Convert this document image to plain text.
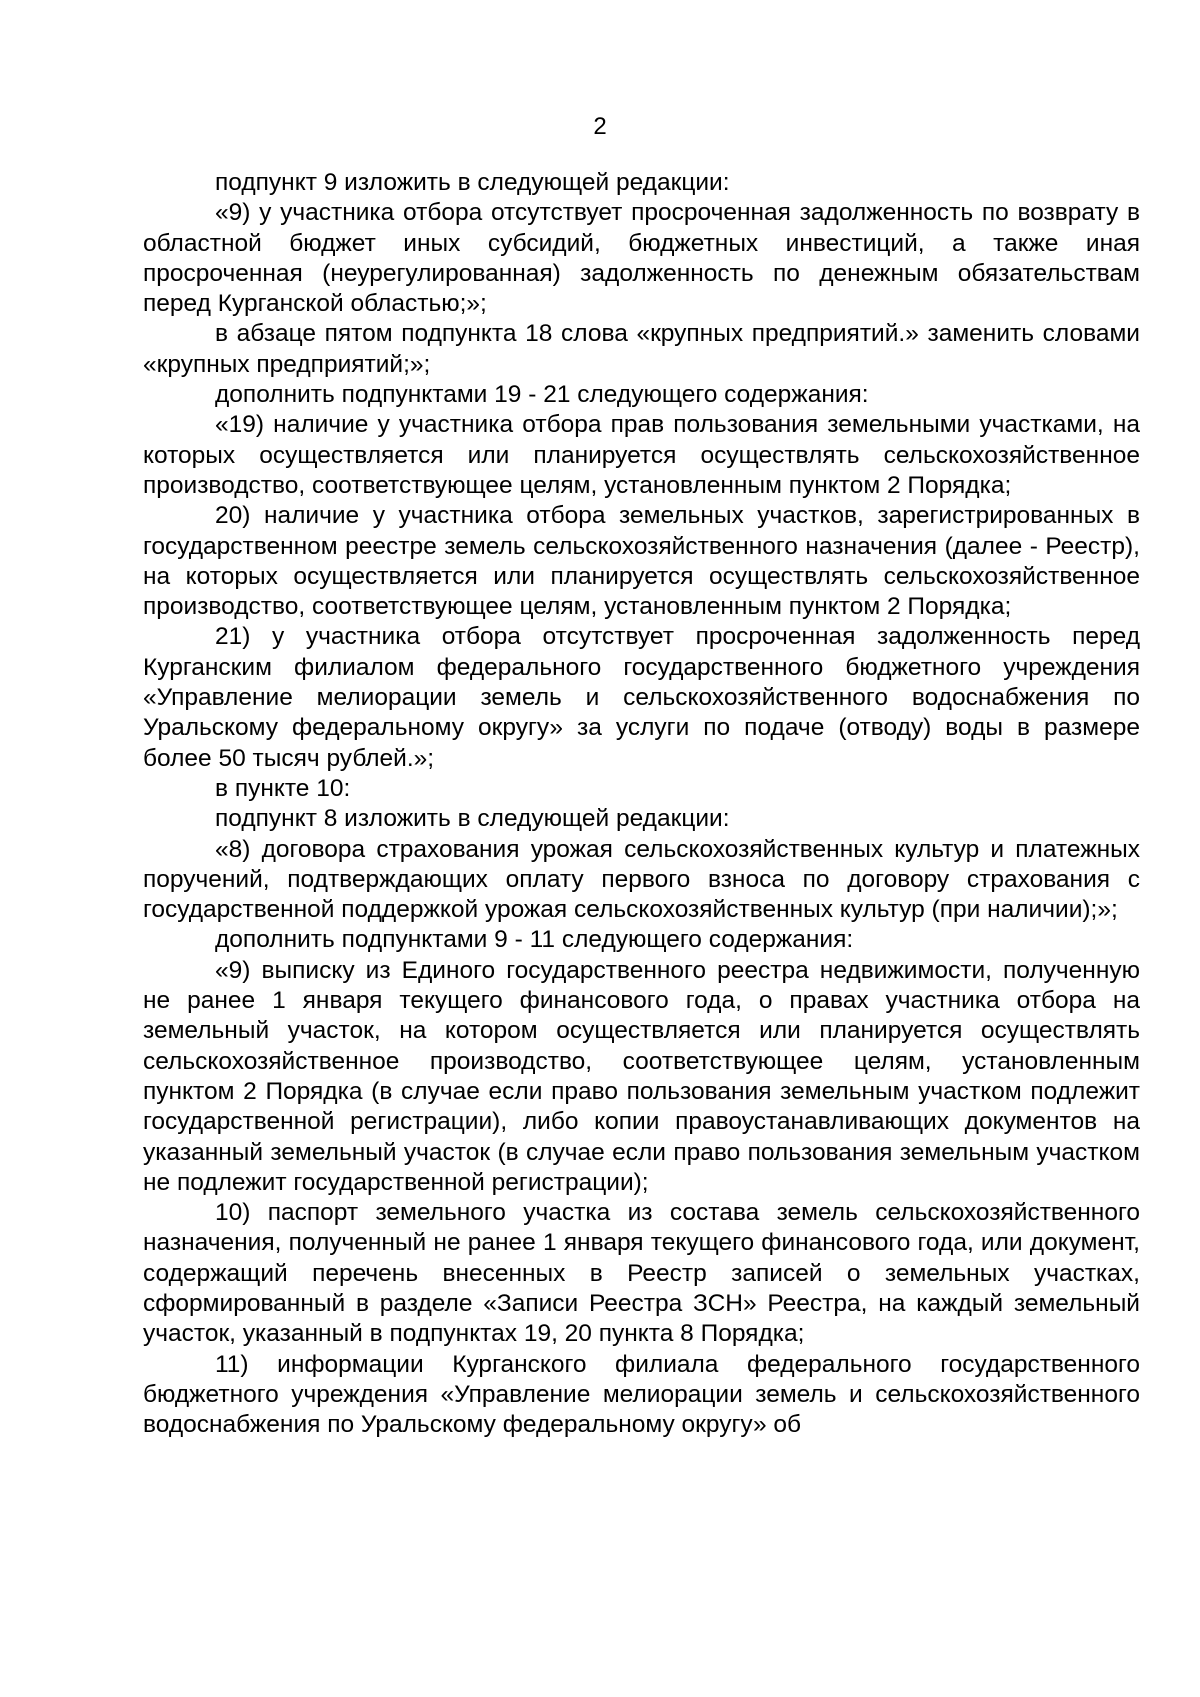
2

подпункт 9 изложить в следующей редакции:

«9) у участника отбора отсутствует просроченная задолженность по возврату в областной бюджет иных субсидий, бюджетных инвестиций, а также иная просроченная (неурегулированная) задолженность по денежным обязательствам перед Курганской областью;»;

в абзаце пятом подпункта 18 слова «крупных предприятий.» заменить словами «крупных предприятий;»;

дополнить подпунктами 19 - 21 следующего содержания:

«19) наличие у участника отбора прав пользования земельными участками, на которых осуществляется или планируется осуществлять сельскохозяйственное производство, соответствующее целям, установленным пунктом 2 Порядка;

20) наличие у участника отбора земельных участков, зарегистрированных в государственном реестре земель сельскохозяйственного назначения (далее - Реестр), на которых осуществляется или планируется осуществлять сельскохозяйственное производство, соответствующее целям, установленным пунктом 2 Порядка;

21) у участника отбора отсутствует просроченная задолженность перед Курганским филиалом федерального государственного бюджетного учреждения «Управление мелиорации земель и сельскохозяйственного водоснабжения по Уральскому федеральному округу» за услуги по подаче (отводу) воды в размере более 50 тысяч рублей.»;

в пункте 10:

подпункт 8 изложить в следующей редакции:

«8) договора страхования урожая сельскохозяйственных культур и платежных поручений, подтверждающих оплату первого взноса по договору страхования с государственной поддержкой урожая сельскохозяйственных культур (при наличии);»;

дополнить подпунктами 9 - 11 следующего содержания:

«9) выписку из Единого государственного реестра недвижимости, полученную не ранее 1 января текущего финансового года, о правах участника отбора на земельный участок, на котором осуществляется или планируется осуществлять сельскохозяйственное производство, соответствующее целям, установленным пунктом 2 Порядка (в случае если право пользования земельным участком подлежит государственной регистрации), либо копии правоустанавливающих документов на указанный земельный участок (в случае если право пользования земельным участком не подлежит государственной регистрации);

10) паспорт земельного участка из состава земель сельскохозяйственного назначения, полученный не ранее 1 января текущего финансового года, или документ, содержащий перечень внесенных в Реестр записей о земельных участках, сформированный в разделе «Записи Реестра ЗСН» Реестра, на каждый земельный участок, указанный в подпунктах 19, 20 пункта 8 Порядка;

11) информации Курганского филиала федерального государственного бюджетного учреждения «Управление мелиорации земель и сельскохозяйственного водоснабжения по Уральскому федеральному округу» об
